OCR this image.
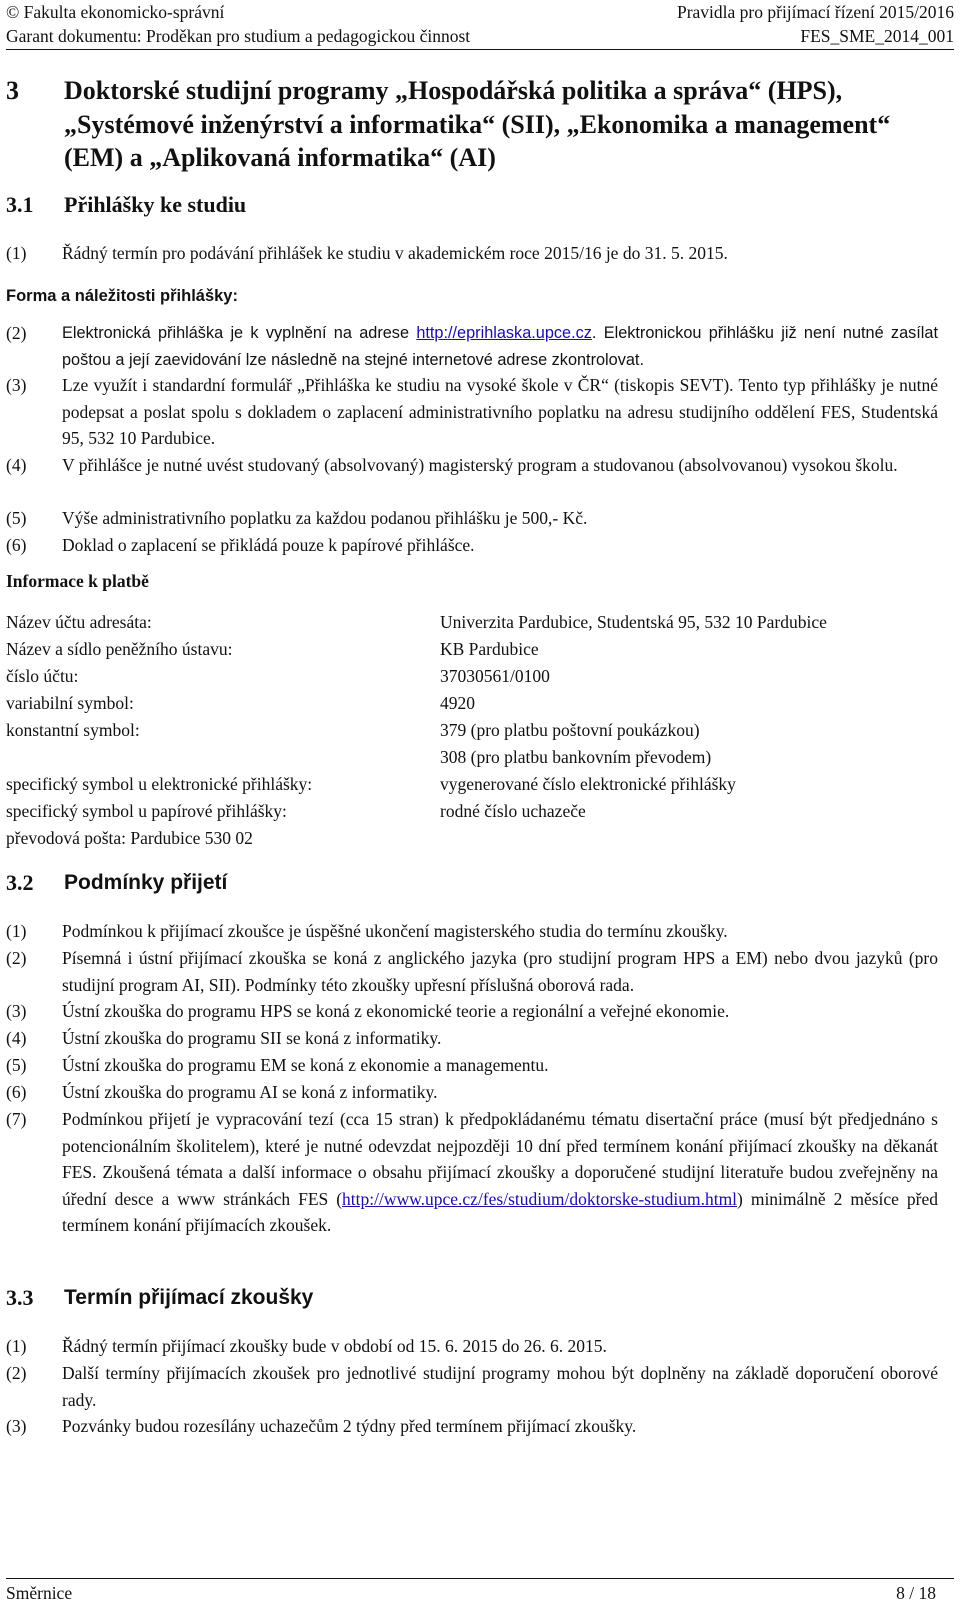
© Fakulta ekonomicko-správní	Pravidla pro přijímací řízení 2015/2016
Garant dokumentu: Proděkan pro studium a pedagogickou činnost	FES_SME_2014_001
3 Doktorské studijní programy „Hospodářská politika a správa“ (HPS), „Systémové inženýrství a informatika“ (SII), „Ekonomika a management“ (EM) a „Aplikovaná informatika“ (AI)
3.1 Přihlášky ke studiu
(1) Řádný termín pro podávání přihlášek ke studiu v akademickém roce 2015/16 je do 31. 5. 2015.
Forma a náležitosti přihlášky:
(2) Elektronická přihláška je k vyplnění na adrese http://eprihlaska.upce.cz. Elektronickou přihlášku již není nutné zasílat poštou a její zaevidování lze následně na stejné internetové adrese zkontrolovat.
(3) Lze využít i standardní formulář „Přihláška ke studiu na vysoké škole v ČR“ (tiskopis SEVT). Tento typ přihlášky je nutné podepsat a poslat spolu s dokladem o zaplacení administrativního poplatku na adresu studijního oddělení FES, Studentská 95, 532 10 Pardubice.
(4) V přihlášce je nutné uvést studovaný (absolvovaný) magisterský program a studovanou (absolvovanou) vysokou školu.
(5) Výše administrativního poplatku za každou podanou přihlášku je 500,- Kč.
(6) Doklad o zaplacení se přikládá pouze k papírové přihlášce.
Informace k platbě
Název účtu adresáta:	Univerzita Pardubice, Studentská 95, 532 10 Pardubice
Název a sídlo peněžního ústavu:	KB Pardubice
číslo účtu:	37030561/0100
variabilní symbol:	4920
konstantní symbol:	379 (pro platbu poštovní poukázkou)
308 (pro platbu bankovním převodem)
specifický symbol u elektronické přihlášky:	vygenerované číslo elektronické přihlášky
specifický symbol u papírové přihlášky:	rodné číslo uchazeče
převodová pošta: Pardubice 530 02
3.2 Podmínky přijetí
(1) Podmínkou k přijímací zkoušce je úspěšné ukončení magisterského studia do termínu zkoušky.
(2) Písemná i ústní přijímací zkouška se koná z anglického jazyka (pro studijní program HPS a EM) nebo dvou jazyků (pro studijní program AI, SII). Podmínky této zkoušky upřesní příslušná oborová rada.
(3) Ústní zkouška do programu HPS se koná z ekonomické teorie a regionální a veřejné ekonomie.
(4) Ústní zkouška do programu SII se koná z informatiky.
(5) Ústní zkouška do programu EM se koná z ekonomie a managementu.
(6) Ústní zkouška do programu AI se koná z informatiky.
(7) Podmínkou přijetí je vypracování tezí (cca 15 stran) k předpokládanému tématu disertační práce (musí být předjednáno s potencionálním školitelem), které je nutné odevzdat nejpozději 10 dní před termínem konání přijímací zkoušky na děkanát FES. Zkoušená témata a další informace o obsahu přijímací zkoušky a doporučené studijní literatuře budou zveřejněny na úřední desce a www stránkách FES (http://www.upce.cz/fes/studium/doktorske-studium.html) minimálně 2 měsíce před termínem konání přijímacích zkoušek.
3.3 Termín přijímací zkoušky
(1) Řádný termín přijímací zkoušky bude v období od 15. 6. 2015 do 26. 6. 2015.
(2) Další termíny přijímacích zkoušek pro jednotlivé studijní programy mohou být doplněny na základě doporučení oborové rady.
(3) Pozvánky budou rozesílány uchazečům 2 týdny před termínem přijímací zkoušky.
Směrnice	8 / 18
